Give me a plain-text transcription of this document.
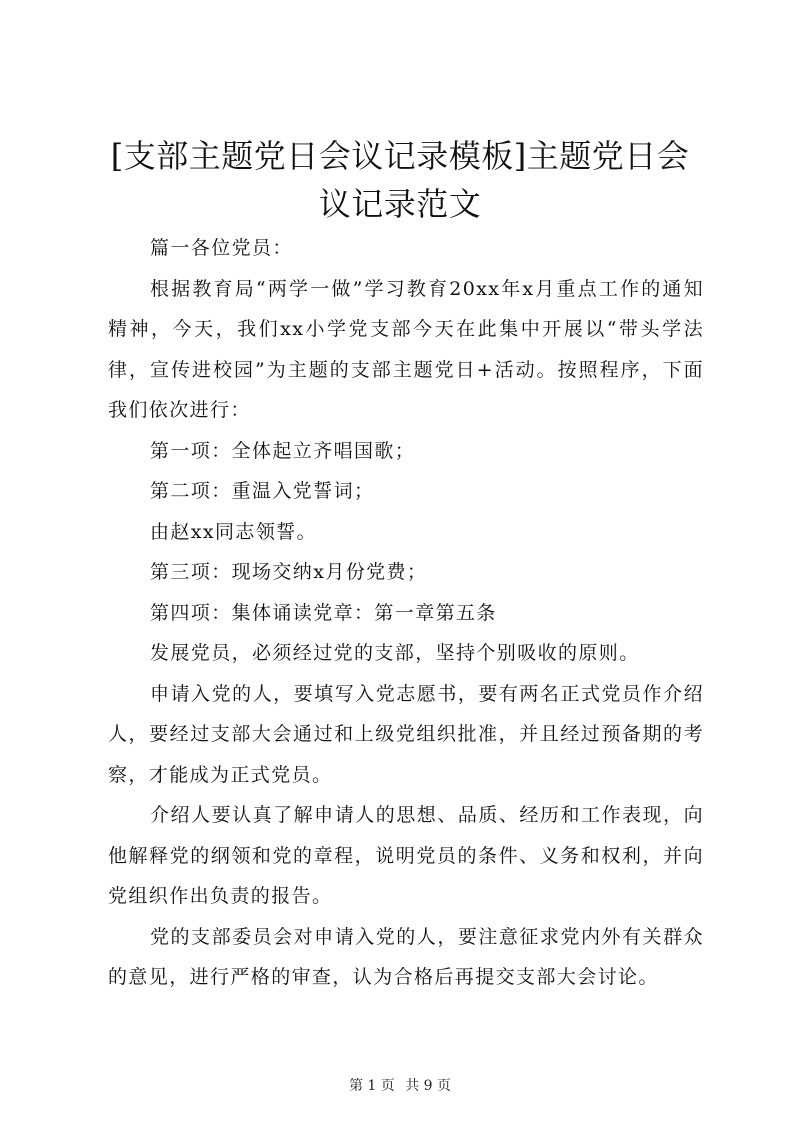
[支部主题党日会议记录模板]主题党日会议记录范文

篇一各位党员：

根据教育局“两学一做”学习教育20xx年x月重点工作的通知精神，今天，我们xx小学党支部今天在此集中开展以“带头学法律，宣传进校园”为主题的支部主题党日+活动。按照程序，下面我们依次进行：

第一项：全体起立齐唱国歌；

第二项：重温入党誓词；

由赵xx同志领誓。

第三项：现场交纳x月份党费；

第四项：集体诵读党章：第一章第五条

发展党员，必须经过党的支部，坚持个别吸收的原则。

申请入党的人，要填写入党志愿书，要有两名正式党员作介绍人，要经过支部大会通过和上级党组织批准，并且经过预备期的考察，才能成为正式党员。

介绍人要认真了解申请人的思想、品质、经历和工作表现，向他解释党的纲领和党的章程，说明党员的条件、义务和权利，并向党组织作出负责的报告。

党的支部委员会对申请入党的人，要注意征求党内外有关群众的意见，进行严格的审查，认为合格后再提交支部大会讨论。

第 1 页 共 9 页
